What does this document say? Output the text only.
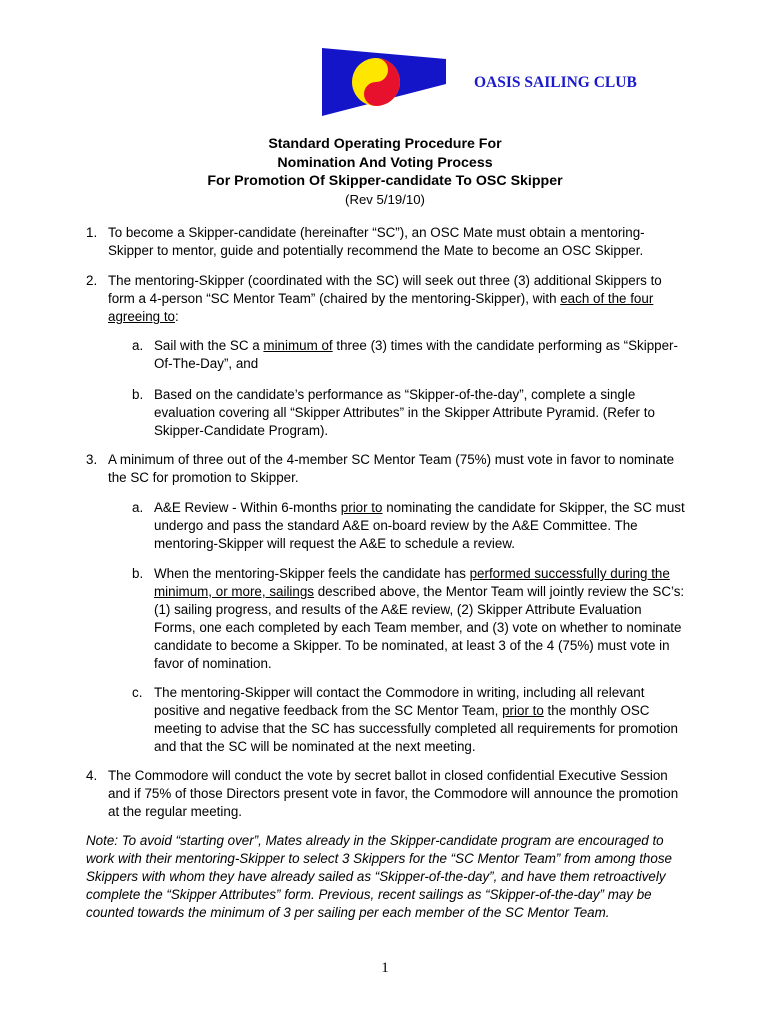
OASIS SAILING CLUB
Standard Operating Procedure For
Nomination And Voting Process
For Promotion Of Skipper-candidate To OSC Skipper
(Rev 5/19/10)
1. To become a Skipper-candidate (hereinafter “SC”), an OSC Mate must obtain a mentoring-
Skipper to mentor, guide and potentially recommend the Mate to become an OSC Skipper.
2. The mentoring-Skipper (coordinated with the SC) will seek out three (3) additional Skippers to
form a 4-person “SC Mentor Team” (chaired by the mentoring-Skipper), with each of the four
agreeing to:
a. Sail with the SC a minimum of three (3) times with the candidate performing as “Skipper-
Of-The-Day”, and
b. Based on the candidate’s performance as “Skipper-of-the-day”, complete a single
evaluation covering all “Skipper Attributes” in the Skipper Attribute Pyramid. (Refer to
Skipper-Candidate Program).
3. A minimum of three out of the 4-member SC Mentor Team (75%) must vote in favor to nominate
the SC for promotion to Skipper.
a. A&E Review - Within 6-months prior to nominating the candidate for Skipper, the SC must
undergo and pass the standard A&E on-board review by the A&E Committee. The
mentoring-Skipper will request the A&E to schedule a review.
b. When the mentoring-Skipper feels the candidate has performed successfully during the
minimum, or more, sailings described above, the Mentor Team will jointly review the SC’s:
(1) sailing progress, and results of the A&E review, (2) Skipper Attribute Evaluation
Forms, one each completed by each Team member, and (3) vote on whether to nominate
candidate to become a Skipper. To be nominated, at least 3 of the 4 (75%) must vote in
favor of nomination.
c. The mentoring-Skipper will contact the Commodore in writing, including all relevant
positive and negative feedback from the SC Mentor Team, prior to the monthly OSC
meeting to advise that the SC has successfully completed all requirements for promotion
and that the SC will be nominated at the next meeting.
4. The Commodore will conduct the vote by secret ballot in closed confidential Executive Session
and if 75% of those Directors present vote in favor, the Commodore will announce the promotion
at the regular meeting.
Note: To avoid “starting over”, Mates already in the Skipper-candidate program are encouraged to
work with their mentoring-Skipper to select 3 Skippers for the “SC Mentor Team” from among those
Skippers with whom they have already sailed as “Skipper-of-the-day”, and have them retroactively
complete the “Skipper Attributes” form. Previous, recent sailings as “Skipper-of-the-day” may be
counted towards the minimum of 3 per sailing per each member of the SC Mentor Team.
1
